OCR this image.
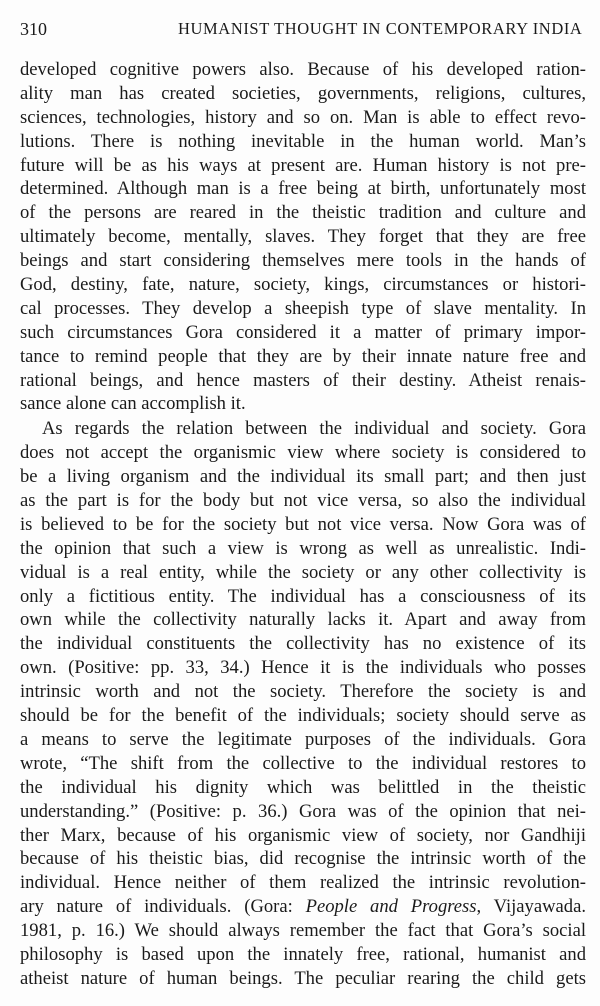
310	HUMANIST THOUGHT IN CONTEMPORARY INDIA
developed cognitive powers also. Because of his developed ration-
ality man has created societies, governments, religions, cultures,
sciences, technologies, history and so on. Man is able to effect revo-
lutions. There is nothing inevitable in the human world. Man’s
future will be as his ways at present are. Human history is not pre-
determined. Although man is a free being at birth, unfortunately most
of the persons are reared in the theistic tradition and culture and
ultimately become, mentally, slaves. They forget that they are free
beings and start considering themselves mere tools in the hands of
God, destiny, fate, nature, society, kings, circumstances or histori-
cal processes. They develop a sheepish type of slave mentality. In
such circumstances Gora considered it a matter of primary impor-
tance to remind people that they are by their innate nature free and
rational beings, and hence masters of their destiny. Atheist renais-
sance alone can accomplish it.
As regards the relation between the individual and society. Gora
does not accept the organismic view where society is considered to
be a living organism and the individual its small part; and then just
as the part is for the body but not vice versa, so also the individual
is believed to be for the society but not vice versa. Now Gora was of
the opinion that such a view is wrong as well as unrealistic. Indi-
vidual is a real entity, while the society or any other collectivity is
only a fictitious entity. The individual has a consciousness of its
own while the collectivity naturally lacks it. Apart and away from
the individual constituents the collectivity has no existence of its
own. (Positive: pp. 33, 34.) Hence it is the individuals who posses
intrinsic worth and not the society. Therefore the society is and
should be for the benefit of the individuals; society should serve as
a means to serve the legitimate purposes of the individuals. Gora
wrote, “The shift from the collective to the individual restores to
the individual his dignity which was belittled in the theistic
understanding.” (Positive: p. 36.) Gora was of the opinion that nei-
ther Marx, because of his organismic view of society, nor Gandhiji
because of his theistic bias, did recognise the intrinsic worth of the
individual. Hence neither of them realized the intrinsic revolution-
ary nature of individuals. (Gora: People and Progress, Vijayawada.
1981, p. 16.) We should always remember the fact that Gora’s social
philosophy is based upon the innately free, rational, humanist and
atheist nature of human beings. The peculiar rearing the child gets
